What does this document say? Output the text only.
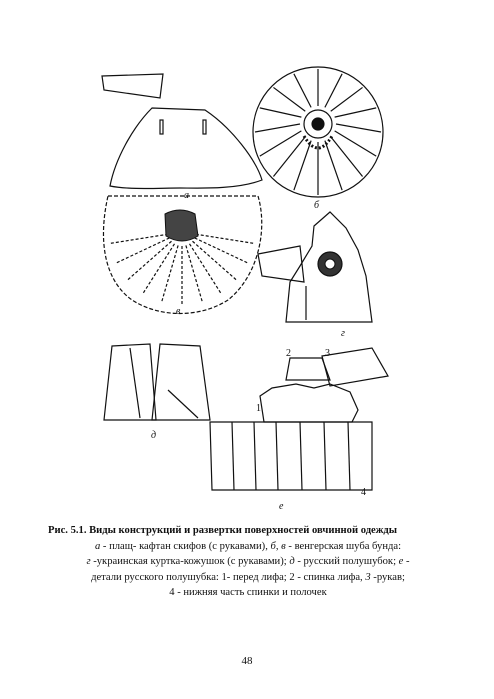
а
б
в
г
д
2	3
1
4
е
Рис. 5.1. Виды конструкций и развертки поверхностей овчинной одежды
а - плащ- кафтан скифов (с рукавами), б, в - венгерская шуба бунда:
г -украинская куртка-кожушок (с рукавами); д - русский полушубок; е -
детали русского полушубка: 1- перед лифа; 2 - спинка лифа, 3 -рукав;
4 - нижняя часть спинки и полочек
48
